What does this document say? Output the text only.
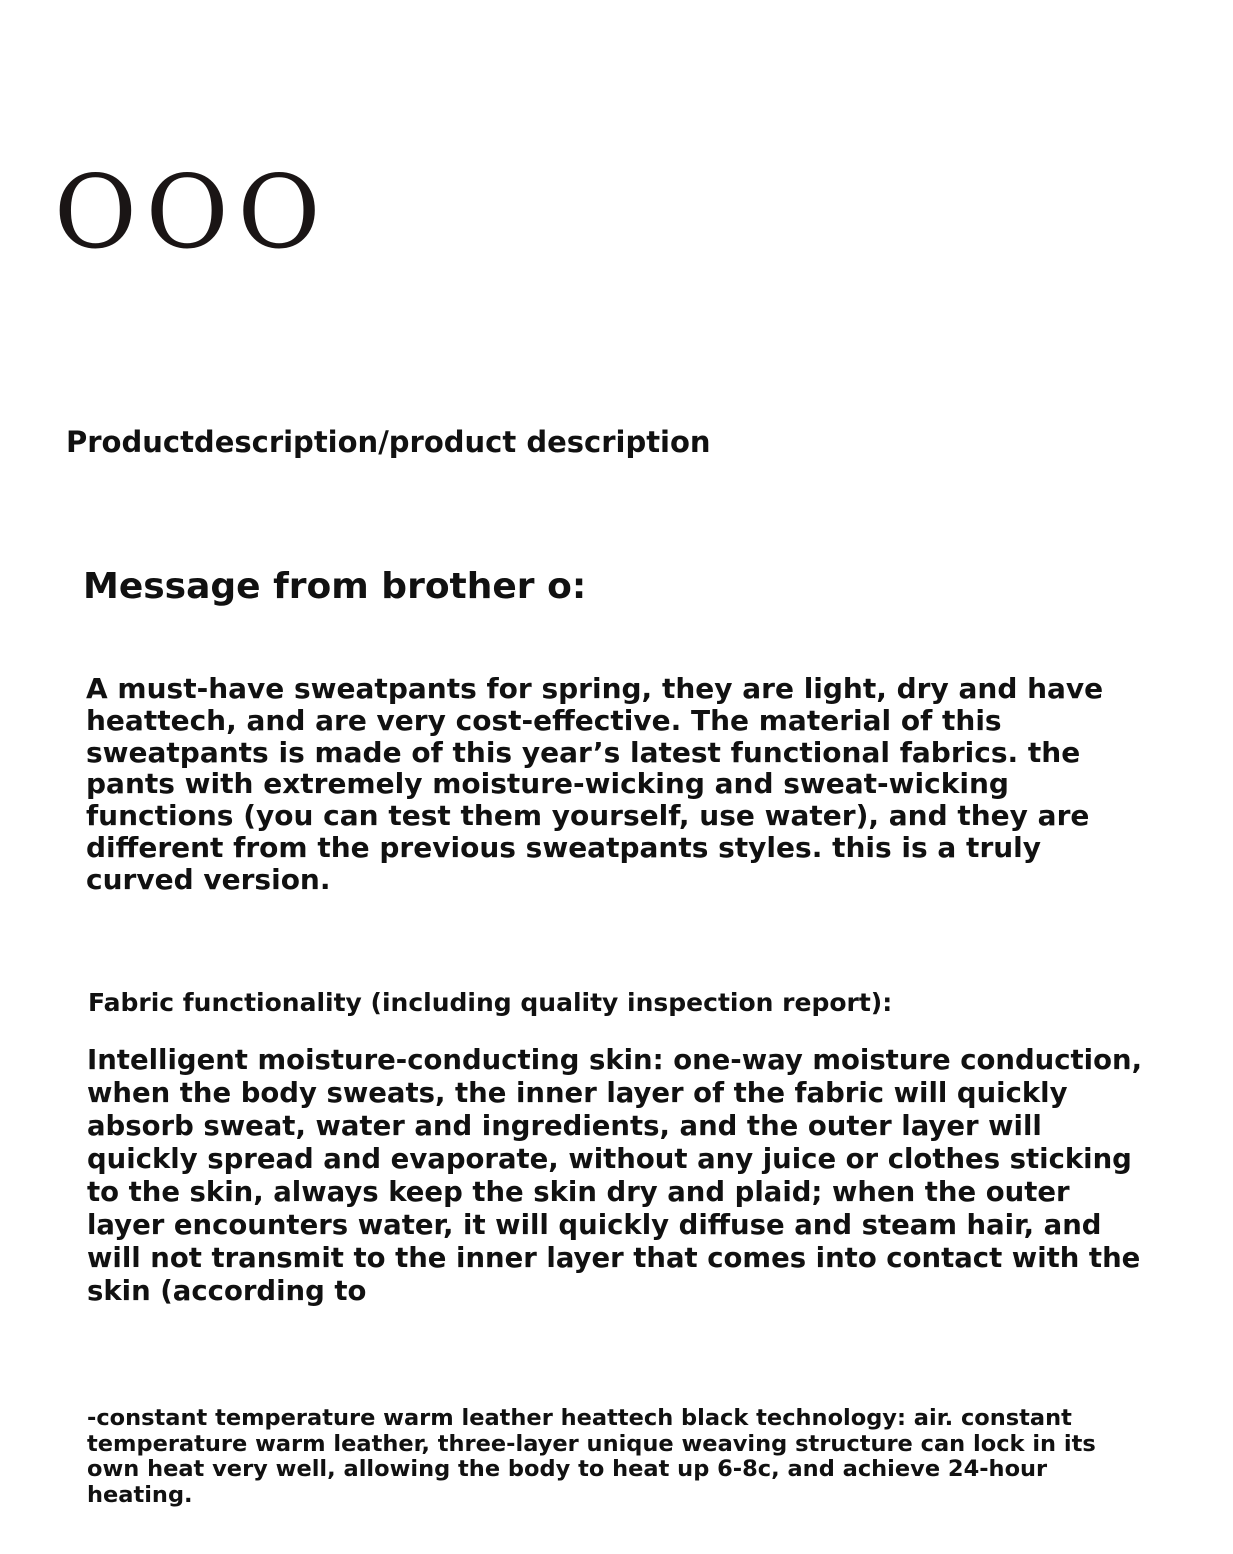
OOO
Productdescription/product description
Message from brother o:

A must-have sweatpants for spring, they are light, dry and have heattech, and are very cost-effective. The material of this sweatpants is made of this year’s latest functional fabrics. the pants with extremely moisture-wicking and sweat-wicking functions (you can test them yourself, use water), and they are different from the previous sweatpants styles. this is a truly curved version.

Fabric functionality (including quality inspection report):

Intelligent moisture-conducting skin: one-way moisture conduction, when the body sweats, the inner layer of the fabric will quickly absorb sweat, water and ingredients, and the outer layer will quickly spread and evaporate, without any juice or clothes sticking to the skin, always keep the skin dry and plaid; when the outer layer encounters water, it will quickly diffuse and steam hair, and will not transmit to the inner layer that comes into contact with the skin (according to

-constant temperature warm leather heattech black technology: air. constant temperature warm leather, three-layer unique weaving structure can lock in its own heat very well, allowing the body to heat up 6-8c, and achieve 24-hour heating.
